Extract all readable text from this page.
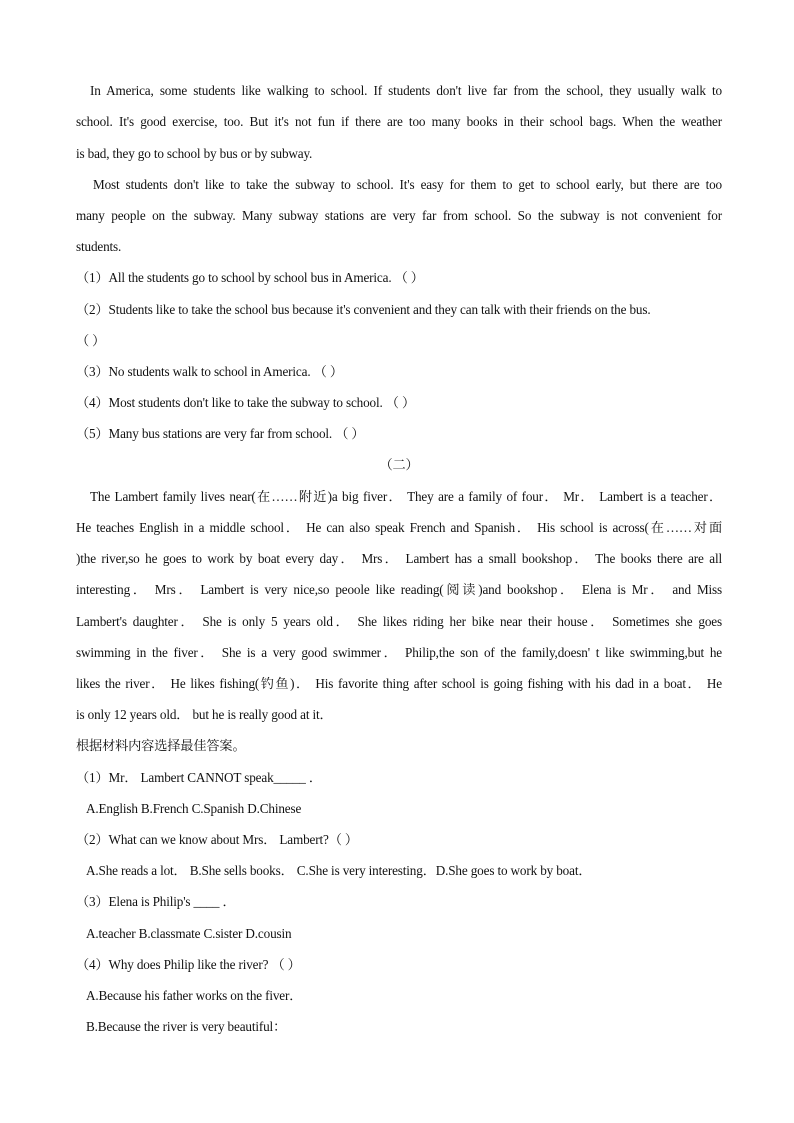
In America, some students like walking to school. If students don't live far from the school, they usually walk to
school. It's good exercise, too. But it's not fun if there are too many books in their school bags. When the weather
is bad, they go to school by bus or by subway.
Most students don't like to take the subway to school. It's easy for them to get to school early, but there are too
many people on the subway. Many subway stations are very far from school. So the subway is not convenient for
students.
（1）All the students go to school by school bus in America. （ ）
（2）Students like to take the school bus because it's convenient and they can talk with their friends on the bus.
（ ）
（3）No students walk to school in America. （ ）
（4）Most students don't like to take the subway to school. （ ）
（5）Many bus stations are very far from school. （ ）
（二）
The Lambert family lives near(在……附近)a big fiver． They are a family of four． Mr． Lambert is a teacher．
He teaches English in a middle school． He can also speak French and Spanish． His school is across(在……对面
)the river,so he goes to work by boat every day． Mrs． Lambert has a small bookshop． The books there are all
interesting． Mrs． Lambert is very nice,so peoole like reading(阅读)and bookshop． Elena is Mr． and Miss
Lambert's daughter． She is only 5 years old． She likes riding her bike near their house． Sometimes she goes
swimming in the fiver． She is a very good swimmer． Philip,the son of the family,doesn' t like swimming,but he
likes the river． He likes fishing(钓鱼)． His favorite thing after school is going fishing with his dad in a boat． He
is only 12 years old． but he is really good at it．
根据材料内容选择最佳答案。
（1）Mr． Lambert CANNOT speak_____ ．
A.English B.French C.Spanish D.Chinese
（2）What can we know about Mrs． Lambert?（ ）
A.She reads a lot． B.She sells books． C.She is very interesting．D.She goes to work by boat．
（3）Elena is Philip's ____ ．
A.teacher B.classmate C.sister D.cousin
（4）Why does Philip like the river? （ ）
A.Because his father works on the fiver．
B.Because the river is very beautiful：
